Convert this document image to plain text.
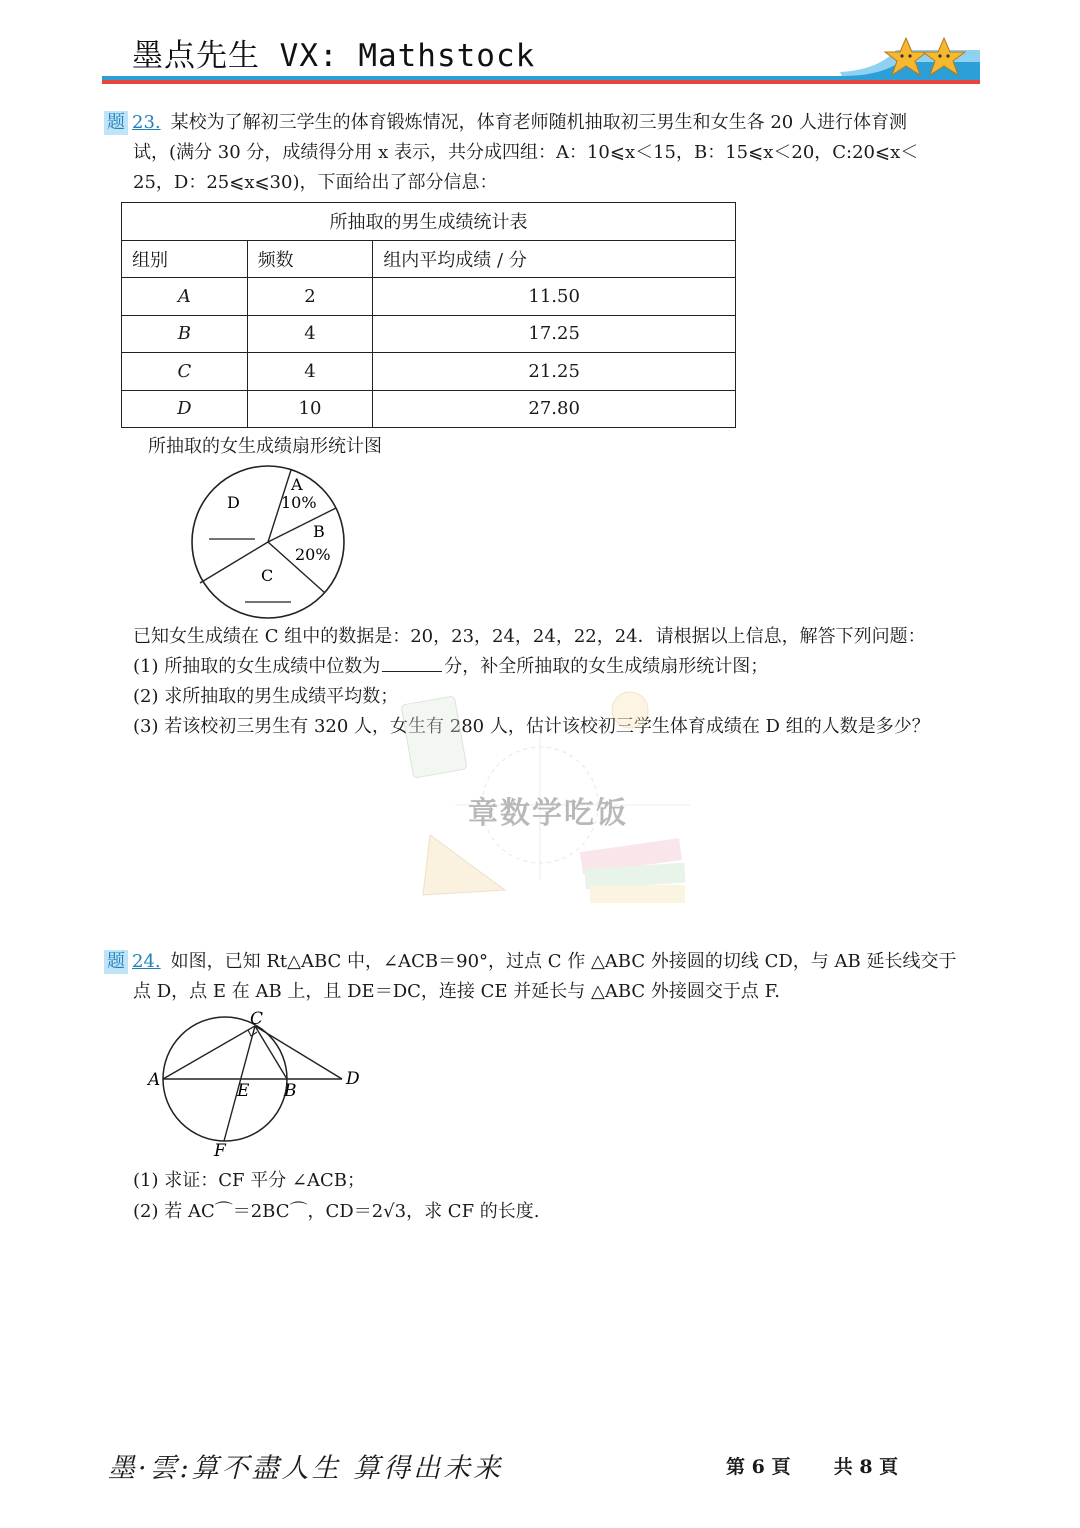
墨点先生 VX: Mathstock
题 23. 某校为了解初三学生的体育锻炼情况，体育老师随机抽取初三男生和女生各 20 人进行体育测
试，(满分 30 分，成绩得分用 x 表示，共分成四组：A：10⩽x＜15，B：15⩽x＜20，C:20⩽x＜
25，D：25⩽x⩽30)，下面给出了部分信息：
所抽取的男生成绩统计表		
组别	频数	组内平均成绩 / 分
A	2	11.50
B	4	17.25
C	4	21.25
D	10	27.80
所抽取的女生成绩扇形统计图
A
10%
B
20%
D
C
已知女生成绩在 C 组中的数据是：20，23，24，24，22，24．请根据以上信息，解答下列问题：
(1) 所抽取的女生成绩中位数为	分，补全所抽取的女生成绩扇形统计图；
(2) 求所抽取的男生成绩平均数；
(3) 若该校初三男生有 320 人，女生有 280 人，估计该校初三学生体育成绩在 D 组的人数是多少？
章数学吃饭
题 24. 如图，已知 Rt△ABC 中，∠ACB＝90°，过点 C 作 △ABC 外接圆的切线 CD，与 AB 延长线交于
点 D，点 E 在 AB 上，且 DE＝DC，连接 CE 并延长与 △ABC 外接圆交于点 F.
C
A
E B
D
F
(1) 求证：CF 平分 ∠ACB；
(2) 若 AC⌒＝2BC⌒，CD＝2√3，求 CF 的长度.
墨·雲:算不盡人生 算得出未来	第 6 頁 共 8 頁
